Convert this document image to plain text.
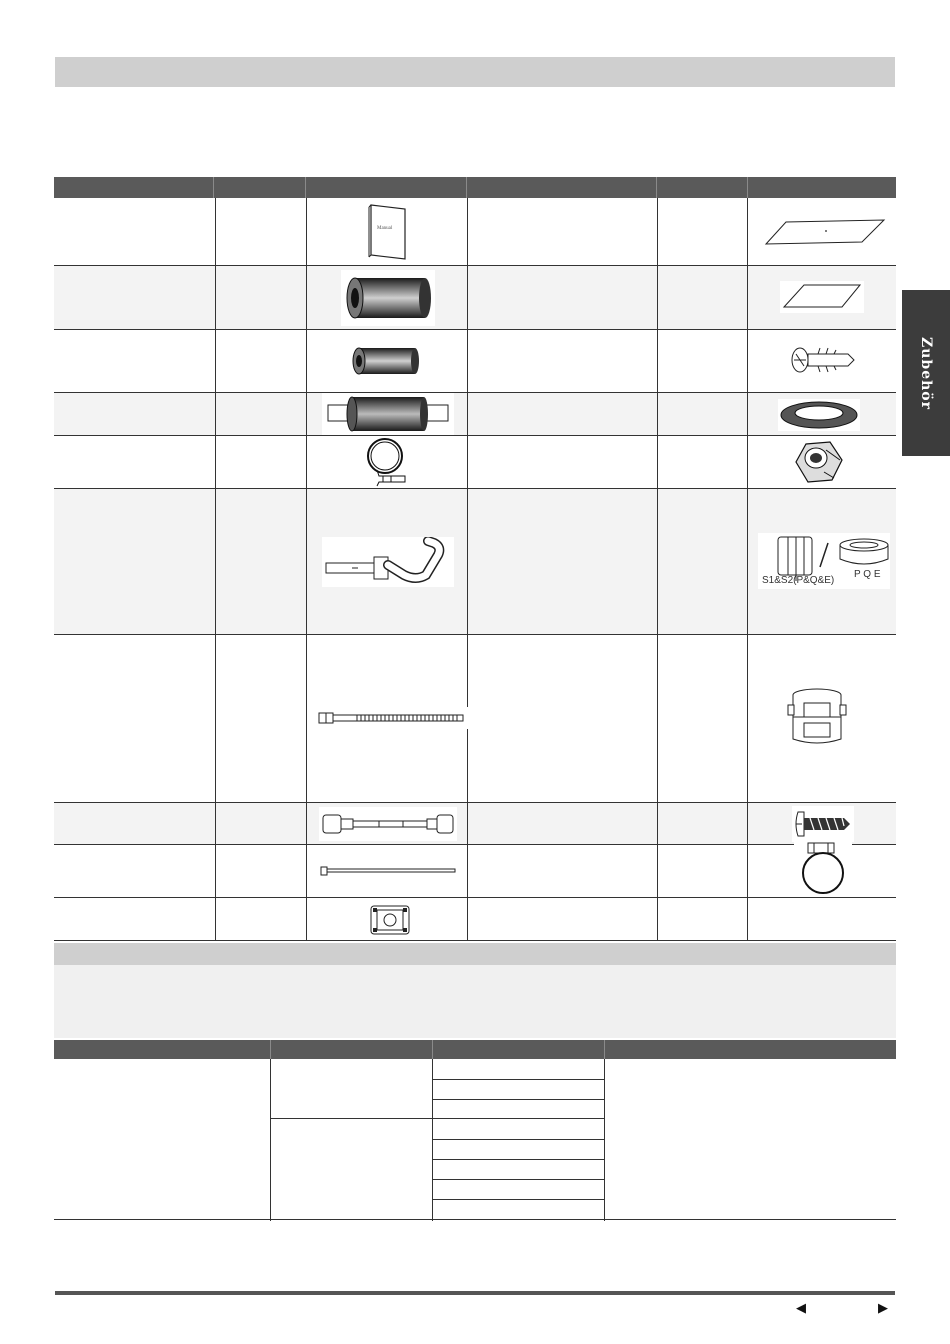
Manual
S1&S2(P&Q&E)
P Q E
Zubehör
◀	▶
